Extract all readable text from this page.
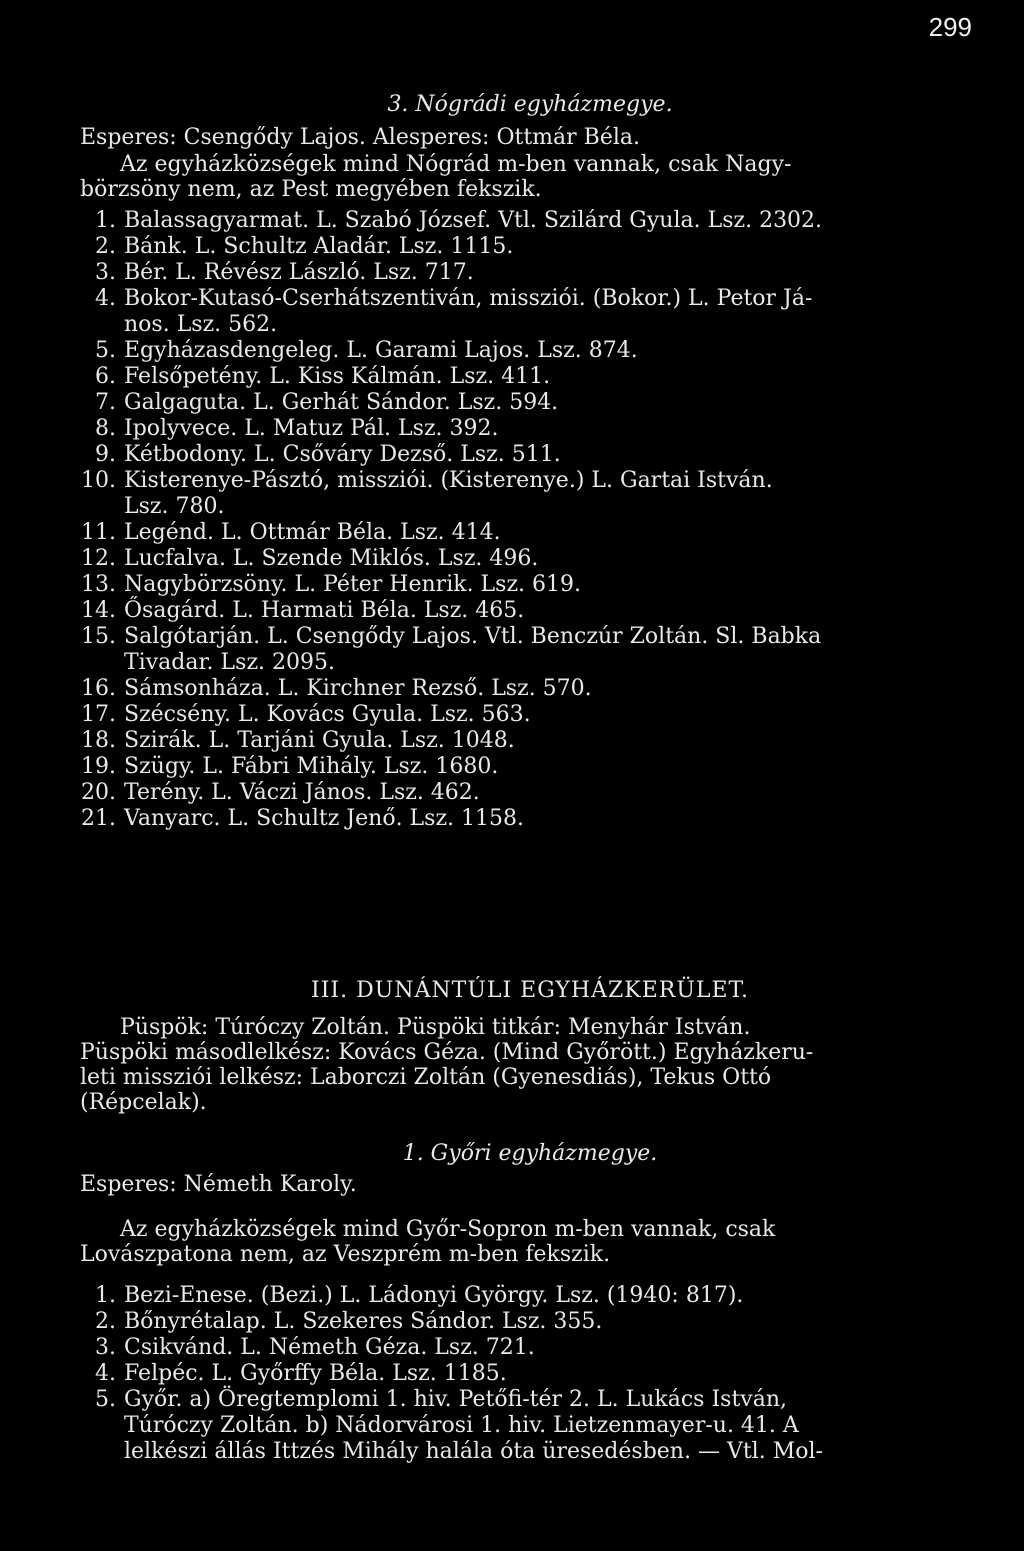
299
3. Nógrádi egyházmegye.
Esperes: Csengődy Lajos. Alesperes: Ottmár Béla.
Az egyházközségek mind Nógrád m-ben vannak, csak Nagy-
börzsöny nem, az Pest megyében fekszik.
1. Balassagyarmat. L. Szabó József. Vtl. Szilárd Gyula. Lsz. 2302.
2. Bánk. L. Schultz Aladár. Lsz. 1115.
3. Bér. L. Révész László. Lsz. 717.
4. Bokor-Kutasó-Cserhátszentiván, missziói. (Bokor.) L. Petor Já-
nos. Lsz. 562.
5. Egyházasdengeleg. L. Garami Lajos. Lsz. 874.
6. Felsőpetény. L. Kiss Kálmán. Lsz. 411.
7. Galgaguta. L. Gerhát Sándor. Lsz. 594.
8. Ipolyvece. L. Matuz Pál. Lsz. 392.
9. Kétbodony. L. Csőváry Dezső. Lsz. 511.
10. Kisterenye-Pásztó, missziói. (Kisterenye.) L. Gartai István.
Lsz. 780.
11. Legénd. L. Ottmár Béla. Lsz. 414.
12. Lucfalva. L. Szende Miklós. Lsz. 496.
13. Nagybörzsöny. L. Péter Henrik. Lsz. 619.
14. Ősagárd. L. Harmati Béla. Lsz. 465.
15. Salgótarján. L. Csengődy Lajos. Vtl. Benczúr Zoltán. Sl. Babka
Tivadar. Lsz. 2095.
16. Sámsonháza. L. Kirchner Rezső. Lsz. 570.
17. Szécsény. L. Kovács Gyula. Lsz. 563.
18. Szirák. L. Tarjáni Gyula. Lsz. 1048.
19. Szügy. L. Fábri Mihály. Lsz. 1680.
20. Terény. L. Váczi János. Lsz. 462.
21. Vanyarc. L. Schultz Jenő. Lsz. 1158.
III. DUNÁNTÚLI EGYHÁZKERÜLET.
Püspök: Túróczy Zoltán. Püspöki titkár: Menyhár István.
Püspöki másodlelkész: Kovács Géza. (Mind Győrött.) Egyházkeru-
leti missziói lelkész: Laborczi Zoltán (Gyenesdiás), Tekus Ottó
(Répcelak).
1. Győri egyházmegye.
Esperes: Németh Karoly.
Az egyházközségek mind Győr-Sopron m-ben vannak, csak
Lovászpatona nem, az Veszprém m-ben fekszik.
1. Bezi-Enese. (Bezi.) L. Ládonyi György. Lsz. (1940: 817).
2. Bőnyrétalap. L. Szekeres Sándor. Lsz. 355.
3. Csikvánd. L. Németh Géza. Lsz. 721.
4. Felpéc. L. Győrffy Béla. Lsz. 1185.
5. Győr. a) Öregtemplomi 1. hiv. Petőfi-tér 2. L. Lukács István,
Túróczy Zoltán. b) Nádorvárosi 1. hiv. Lietzenmayer-u. 41. A
lelkészi állás Ittzés Mihály halála óta üresedésben. — Vtl. Mol-
